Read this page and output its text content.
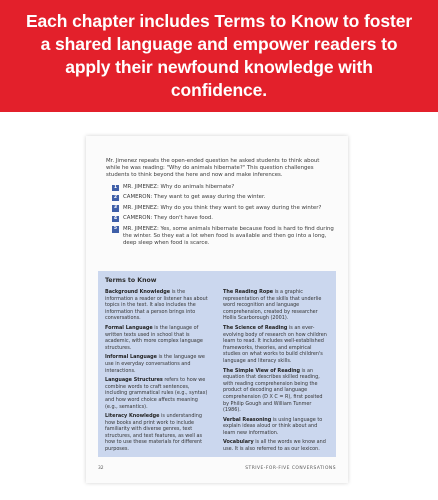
Each chapter includes Terms to Know to foster a shared language and empower readers to apply their newfound knowledge with confidence.

Mr. Jimenez repeats the open-ended question he asked students to think about while he was reading: "Why do animals hibernate?" This question challenges students to think beyond the here and now and make inferences.

1	MR. JIMENEZ: Why do animals hibernate?
2	CAMERON: They want to get away during the winter.
3	MR. JIMENEZ: Why do you think they want to get away during the winter?
4	CAMERON: They don't have food.
5	MR. JIMENEZ: Yes, some animals hibernate because food is hard to find during the winter. So they eat a lot when food is available and then go into a long, deep sleep when food is scarce.
Terms to Know

Background Knowledge is the information a reader or listener has about topics in the text. It also includes the information that a person brings into conversations.

Formal Language is the language of written texts used in school that is academic, with more complex language structures.

Informal Language is the language we use in everyday conversations and interactions.

Language Structures refers to how we combine words to craft sentences, including grammatical rules (e.g., syntax) and how word choice affects meaning (e.g., semantics).

Literacy Knowledge is understanding how books and print work to include familiarity with diverse genres, text structures, and text features, as well as how to use these materials for different purposes.

The Reading Rope is a graphic representation of the skills that underlie word recognition and language comprehension, created by researcher Hollis Scarborough (2001).

The Science of Reading is an ever-evolving body of research on how children learn to read. It includes well-established frameworks, theories, and empirical studies on what works to build children's language and literacy skills.

The Simple View of Reading is an equation that describes skilled reading, with reading comprehension being the product of decoding and language comprehension (D X C = R), first posited by Philip Gough and William Tunmer (1986).

Verbal Reasoning is using language to explain ideas aloud or think about and learn new information.

Vocabulary is all the words we know and use. It is also referred to as our lexicon.

32	STRIVE-FOR-FIVE CONVERSATIONS
